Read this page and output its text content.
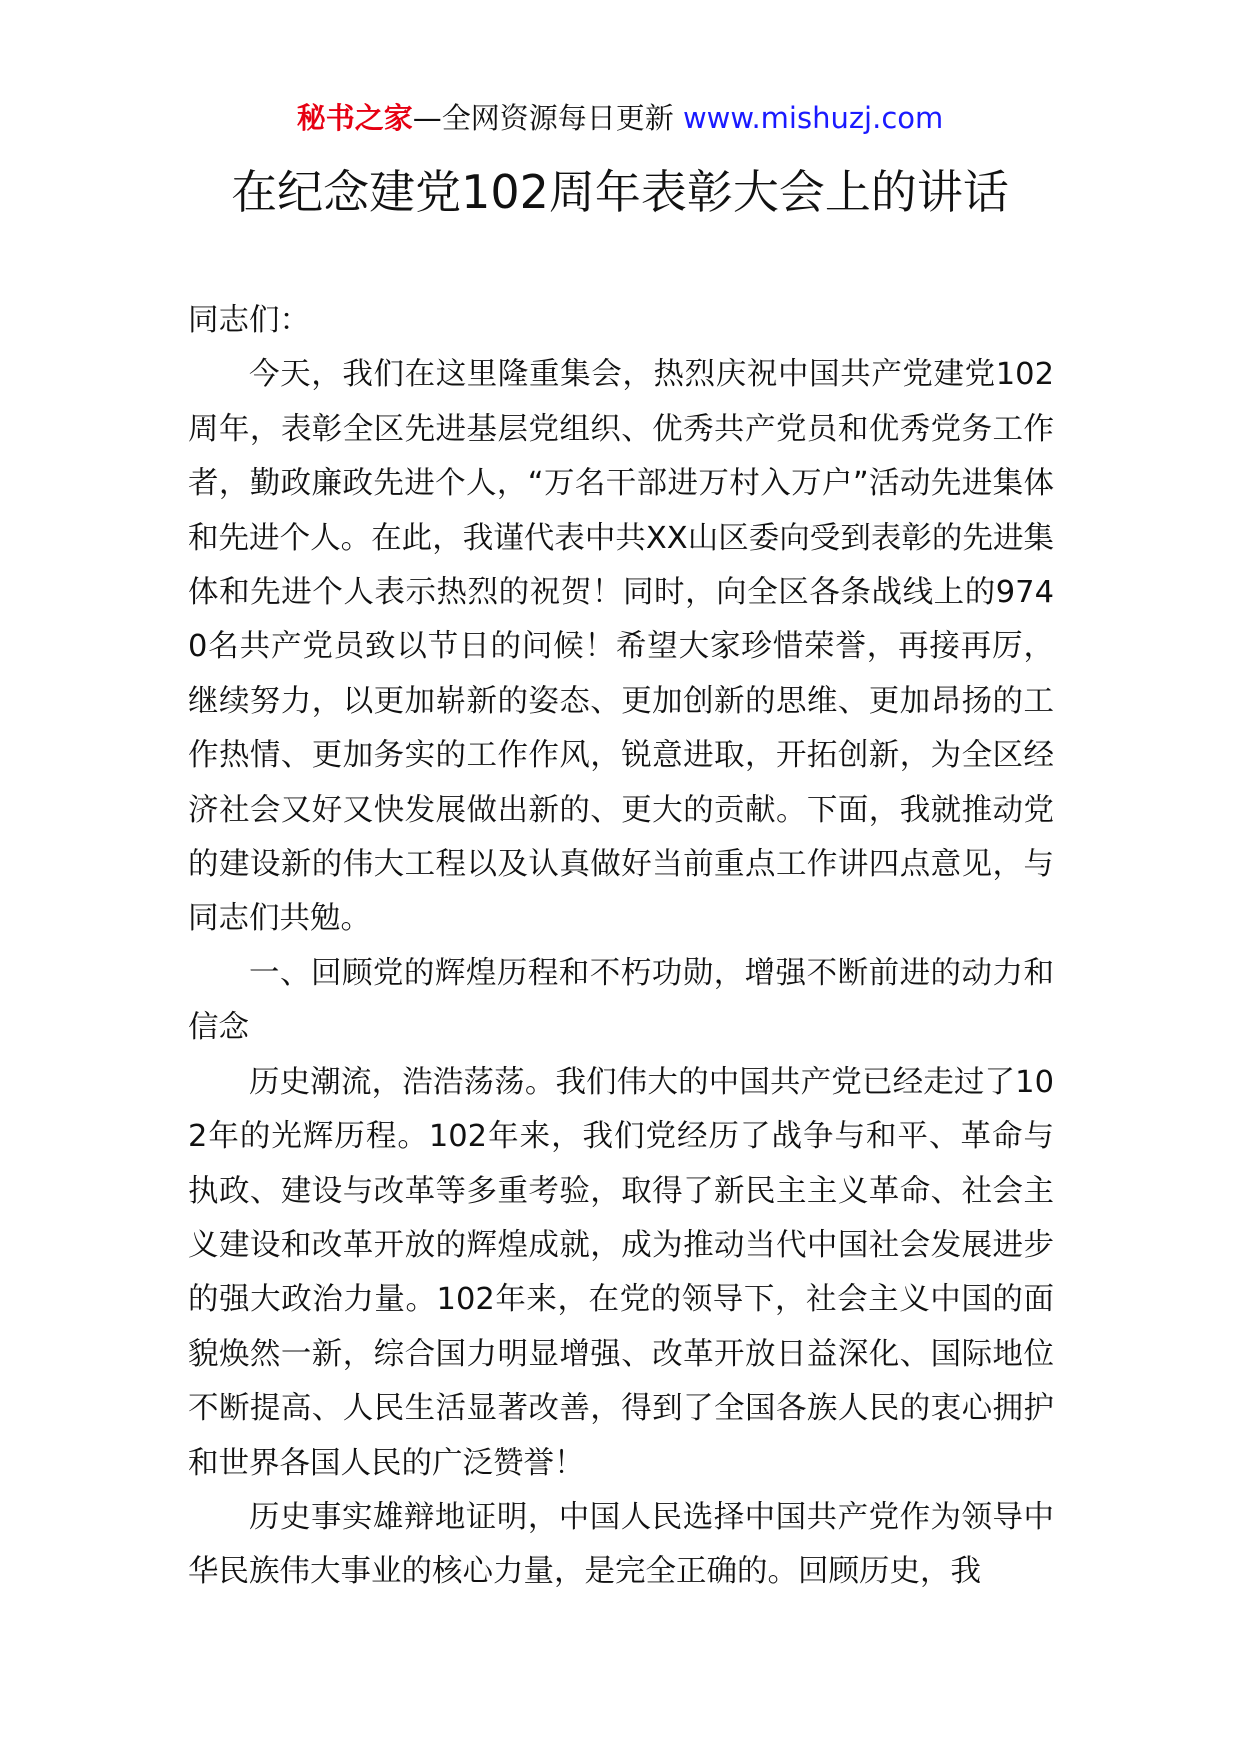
秘书之家—全网资源每日更新 www.mishuzj.com
在纪念建党102周年表彰大会上的讲话

同志们：

今天，我们在这里隆重集会，热烈庆祝中国共产党建党102周年，表彰全区先进基层党组织、优秀共产党员和优秀党务工作者，勤政廉政先进个人，“万名干部进万村入万户”活动先进集体和先进个人。在此，我谨代表中共XX山区委向受到表彰的先进集体和先进个人表示热烈的祝贺！同时，向全区各条战线上的9740名共产党员致以节日的问候！希望大家珍惜荣誉，再接再厉，继续努力，以更加崭新的姿态、更加创新的思维、更加昂扬的工作热情、更加务实的工作作风，锐意进取，开拓创新，为全区经济社会又好又快发展做出新的、更大的贡献。下面，我就推动党的建设新的伟大工程以及认真做好当前重点工作讲四点意见，与同志们共勉。

一、回顾党的辉煌历程和不朽功勋，增强不断前进的动力和信念

历史潮流，浩浩荡荡。我们伟大的中国共产党已经走过了102年的光辉历程。102年来，我们党经历了战争与和平、革命与执政、建设与改革等多重考验，取得了新民主主义革命、社会主义建设和改革开放的辉煌成就，成为推动当代中国社会发展进步的强大政治力量。102年来，在党的领导下，社会主义中国的面貌焕然一新，综合国力明显增强、改革开放日益深化、国际地位不断提高、人民生活显著改善，得到了全国各族人民的衷心拥护和世界各国人民的广泛赞誉！

历史事实雄辩地证明，中国人民选择中国共产党作为领导中华民族伟大事业的核心力量，是完全正确的。回顾历史，我
